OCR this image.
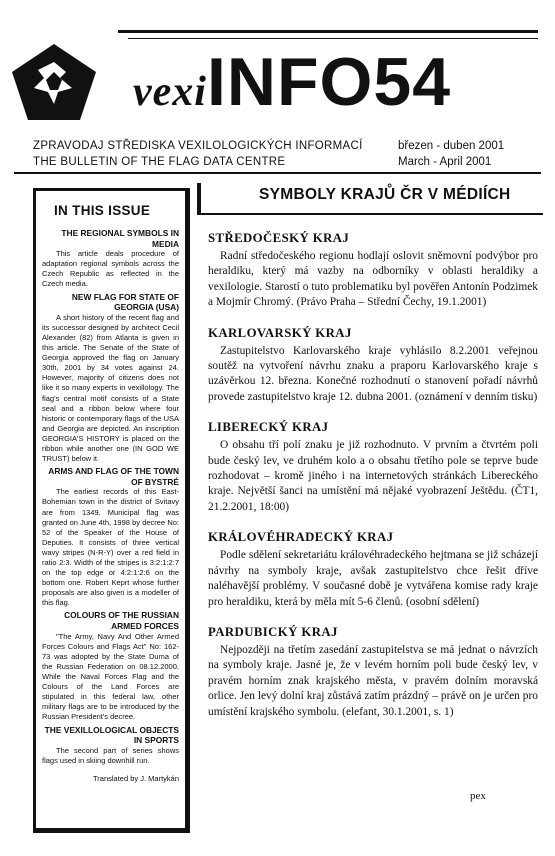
vexiINFO54
ZPRAVODAJ STŘEDISKA VEXILOLOGICKÝCH INFORMACÍ
THE BULLETIN OF THE FLAG DATA CENTRE
březen - duben 2001
March - April 2001
IN THIS ISSUE
THE REGIONAL SYMBOLS IN MEDIA
This article deals procedure of adaptation regional symbols across the Czech Republic as reflected in the Czech media.
NEW FLAG FOR STATE OF GEORGIA (USA)
A short history of the recent flag and its successor designed by architect Cecil Alexander (82) from Atlanta is given in this article. The Senate of the State of Georgia approved the flag on January 30th, 2001 by 34 votes against 24. However, majority of citizens does not like it so many experts in vexillology. The flag's central motif consists of a State seal and a ribbon below where four historic or contemporary flags of the USA and Georgia are depicted. An inscription GEORGIA'S HISTORY is placed on the ribbon while another one (IN GOD WE TRUST) below it.
ARMS AND FLAG OF THE TOWN OF BYSTRÉ
The earliest records of this East-Bohemian town in the district of Svitavy are from 1349. Municipal flag was granted on June 4th, 1998 by decree No: 52 of the Speaker of the House of Deputies. It consists of three vertical wavy stripes (N-R-Y) over a red field in ratio 2:3. Width of the stripes is 3:2:1:2:7 on the top edge or 4:2:1:2:6 on the bottom one. Robert Keprt whose further proposals are also given is a modeller of this flag.
COLOURS OF THE RUSSIAN ARMED FORCES
"The Army, Navy And Other Armed Forces Colours and Flags Act" No: 162-73 was adopted by the State Duma of the Russian Federation on 08.12.2000. While the Naval Forces Flag and the Colours of the Land Forces are stipulated in this federal law, other military flags are to be introduced by the Russian President's decree.
THE VEXILLOLOGICAL OBJECTS IN SPORTS
The second part of series shows flags used in skiing downhill run.
Translated by J. Martykán
SYMBOLY KRAJŮ ČR V MÉDIÍCH
STŘEDOČESKÝ KRAJ
Radní středočeského regionu hodlají oslovit sněmovní podvýbor pro heraldiku, který má vazby na odborníky v oblasti heraldiky a vexilologie. Starostí o tuto problematiku byl pověřen Antonín Podzimek a Mojmír Chromý. (Právo Praha – Střední Čechy, 19.1.2001)
KARLOVARSKÝ KRAJ
Zastupitelstvo Karlovarského kraje vyhlásilo 8.2.2001 veřejnou soutěž na vytvoření návrhu znaku a praporu Karlovarského kraje s uzávěrkou 12. března. Konečné rozhodnutí o stanovení pořadí návrhů provede zastupitelstvo kraje 12. dubna 2001. (oznámení v denním tisku)
LIBERECKÝ KRAJ
O obsahu tří polí znaku je již rozhodnuto. V prvním a čtvrtém poli bude český lev, ve druhém kolo a o obsahu třetího pole se teprve bude rozhodovat – kromě jiného i na internetových stránkách Libereckého kraje. Největší šanci na umístění má nějaké vyobrazení Ještědu. (ČT1, 21.2.2001, 18:00)
KRÁLOVÉHRADECKÝ KRAJ
Podle sdělení sekretariátu královéhradeckého hejtmana se již scházejí návrhy na symboly kraje, avšak zastupitelstvo chce řešit dříve naléhavější problémy. V současné době je vytvářena komise rady kraje pro heraldiku, která by měla mít 5-6 členů. (osobní sdělení)
PARDUBICKÝ KRAJ
Nejpozději na třetím zasedání zastupitelstva se má jednat o návrzích na symboly kraje. Jasné je, že v levém horním poli bude český lev, v pravém horním znak krajského města, v pravém dolním moravská orlice. Jen levý dolní kraj zůstává zatím prázdný – právě on je určen pro umístění krajského symbolu. (elefant, 30.1.2001, s. 1)
pex
